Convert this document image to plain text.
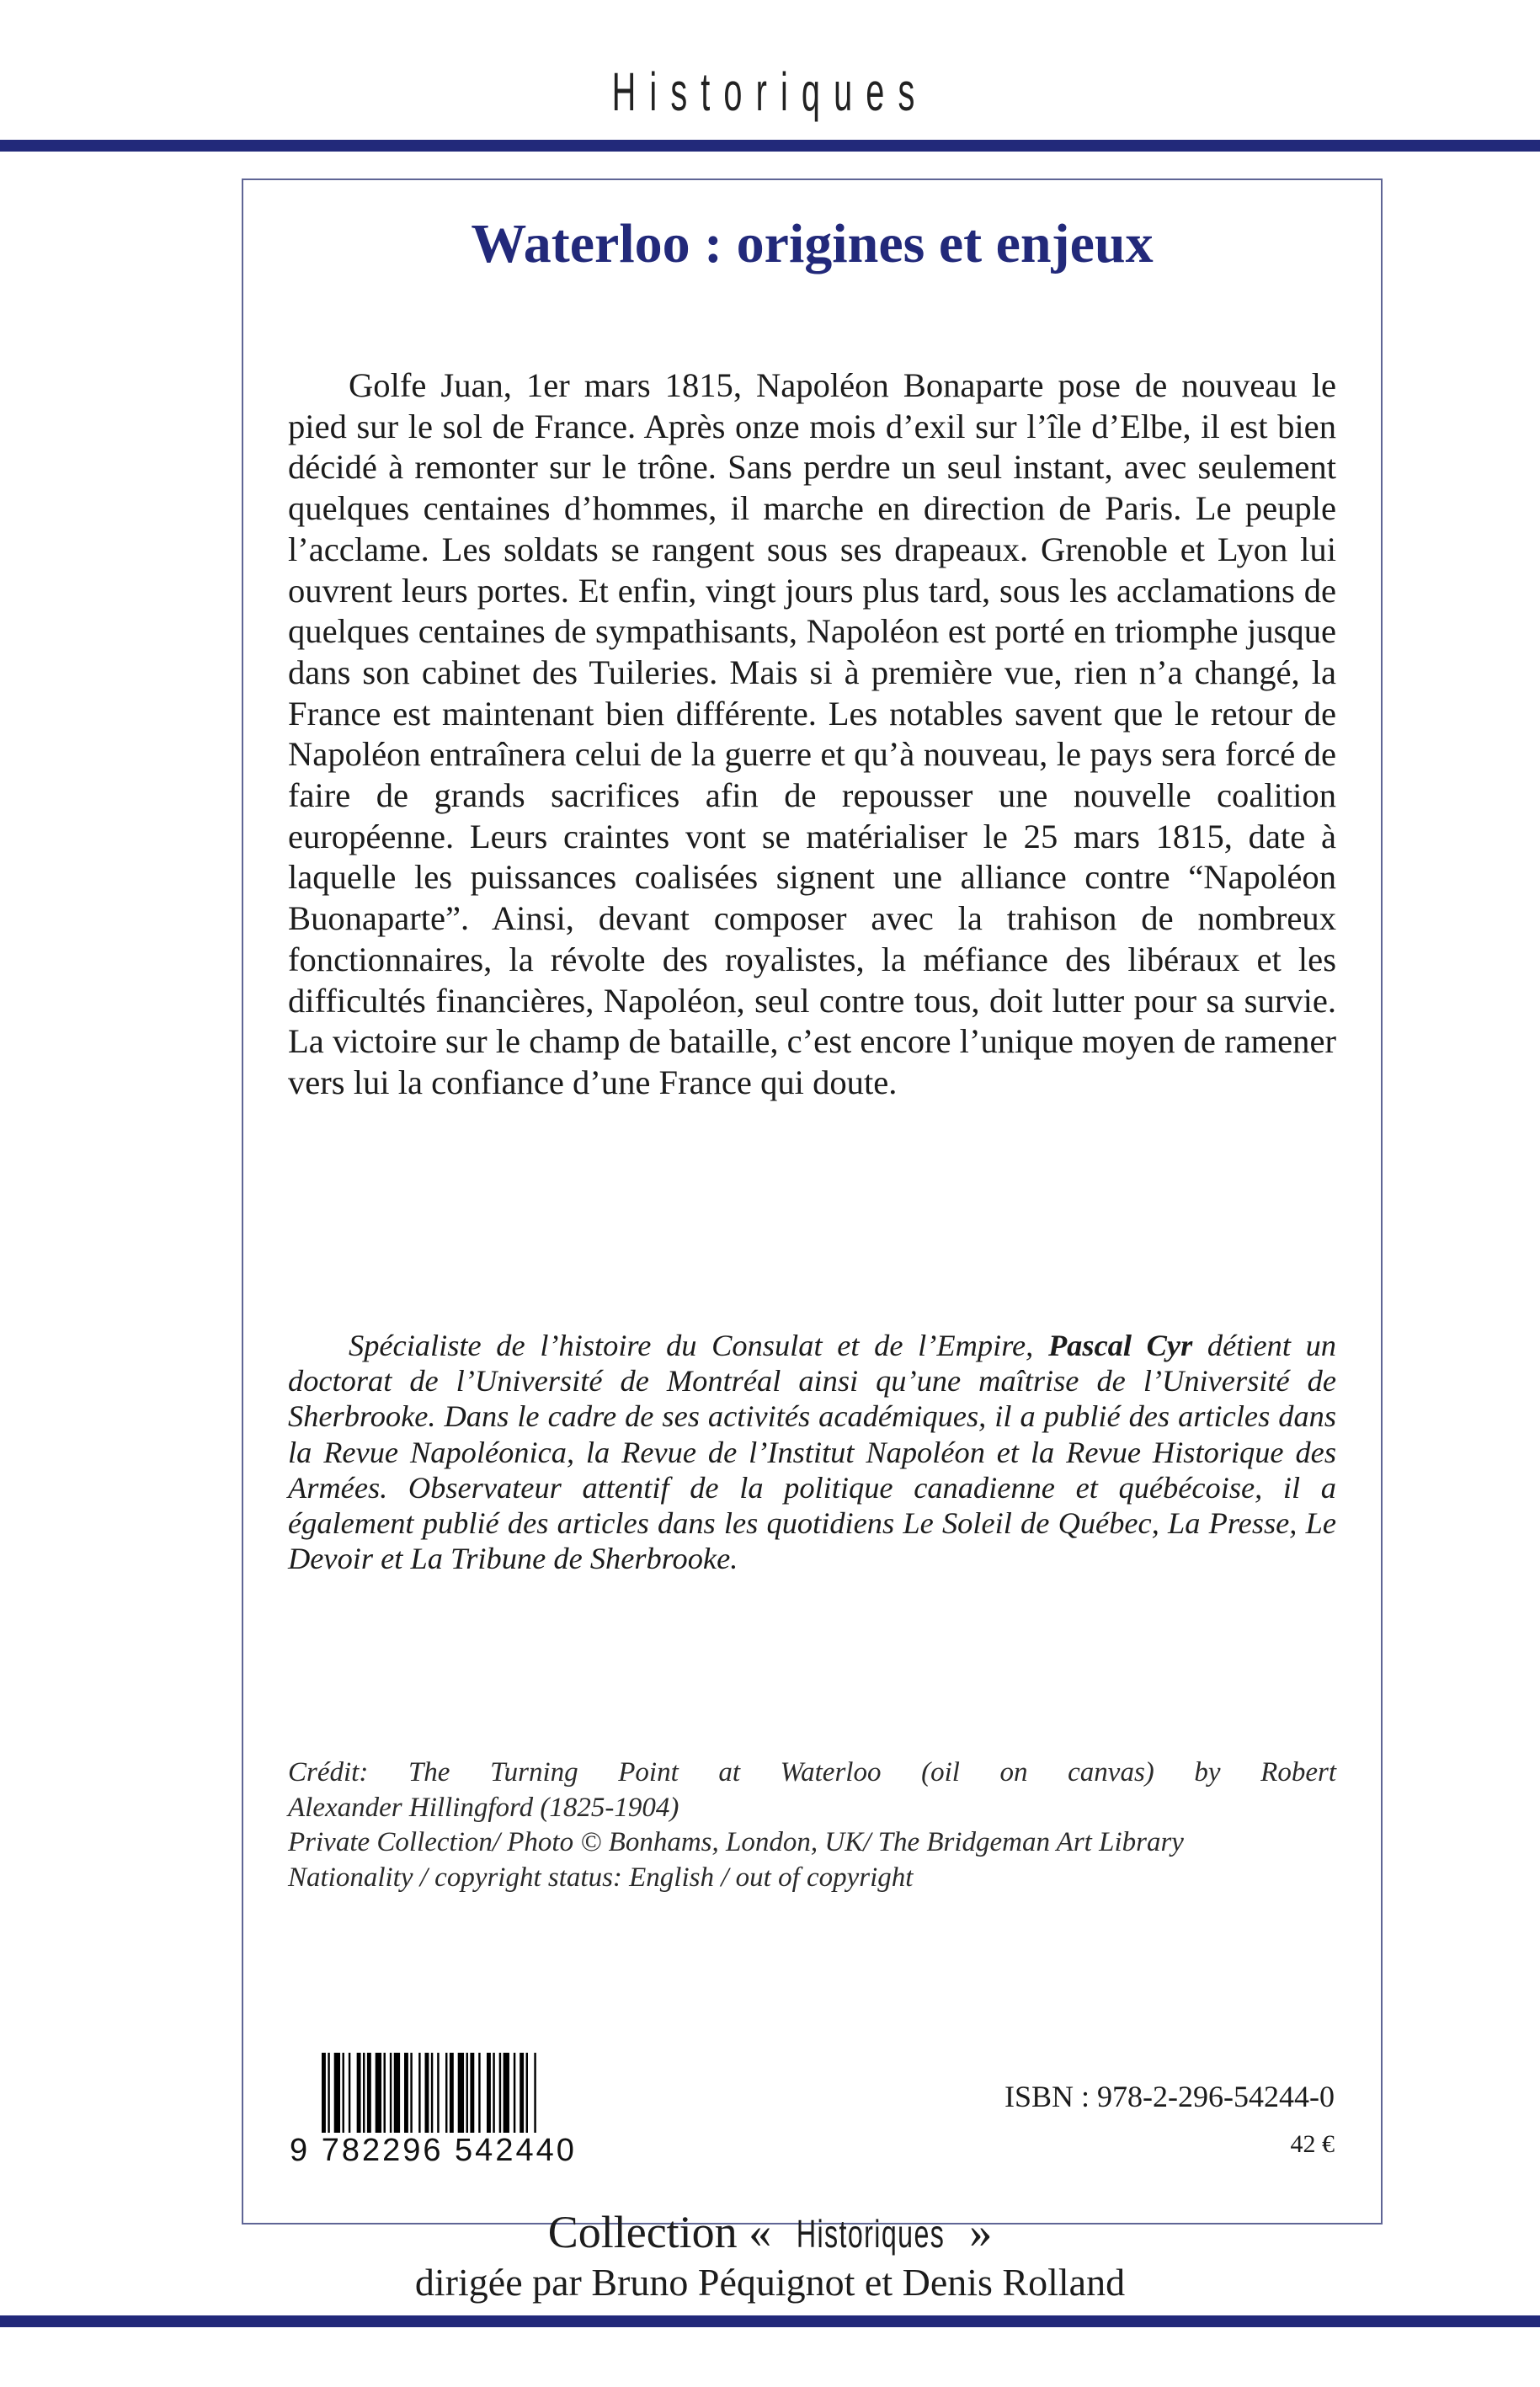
Historiques
Waterloo : origines et enjeux

Golfe Juan, 1er mars 1815, Napoléon Bonaparte pose de nouveau le pied sur le sol de France. Après onze mois d’exil sur l’île d’Elbe, il est bien décidé à remonter sur le trône. Sans perdre un seul instant, avec seulement quelques centaines d’hommes, il marche en direction de Paris. Le peuple l’acclame. Les soldats se rangent sous ses drapeaux. Grenoble et Lyon lui ouvrent leurs portes. Et enfin, vingt jours plus tard, sous les acclamations de quelques centaines de sympathisants, Napoléon est porté en triomphe jusque dans son cabinet des Tuileries. Mais si à première vue, rien n’a changé, la France est maintenant bien différente. Les notables savent que le retour de Napoléon entraînera celui de la guerre et qu’à nouveau, le pays sera forcé de faire de grands sacrifices afin de repousser une nouvelle coalition européenne. Leurs craintes vont se matérialiser le 25 mars 1815, date à laquelle les puissances coalisées signent une alliance contre “Napoléon Buonaparte”. Ainsi, devant composer avec la trahison de nombreux fonctionnaires, la révolte des royalistes, la méfiance des libéraux et les difficultés financières, Napoléon, seul contre tous, doit lutter pour sa survie. La victoire sur le champ de bataille, c’est encore l’unique moyen de ramener vers lui la confiance d’une France qui doute.

Spécialiste de l’histoire du Consulat et de l’Empire, Pascal Cyr détient un doctorat de l’Université de Montréal ainsi qu’une maîtrise de l’Université de Sherbrooke. Dans le cadre de ses activités académiques, il a publié des articles dans la Revue Napoléonica, la Revue de l’Institut Napoléon et la Revue Historique des Armées. Observateur attentif de la politique canadienne et québécoise, il a également publié des articles dans les quotidiens Le Soleil de Québec, La Presse, Le Devoir et La Tribune de Sherbrooke.

Crédit: The Turning Point at Waterloo (oil on canvas) by Robert
Alexander Hillingford (1825-1904)
Private Collection/ Photo © Bonhams, London, UK/ The Bridgeman Art Library
Nationality / copyright status: English / out of copyright
9 782296 542440
ISBN : 978-2-296-54244-0
42 €
Collection « Historiques »
dirigée par Bruno Péquignot et Denis Rolland
